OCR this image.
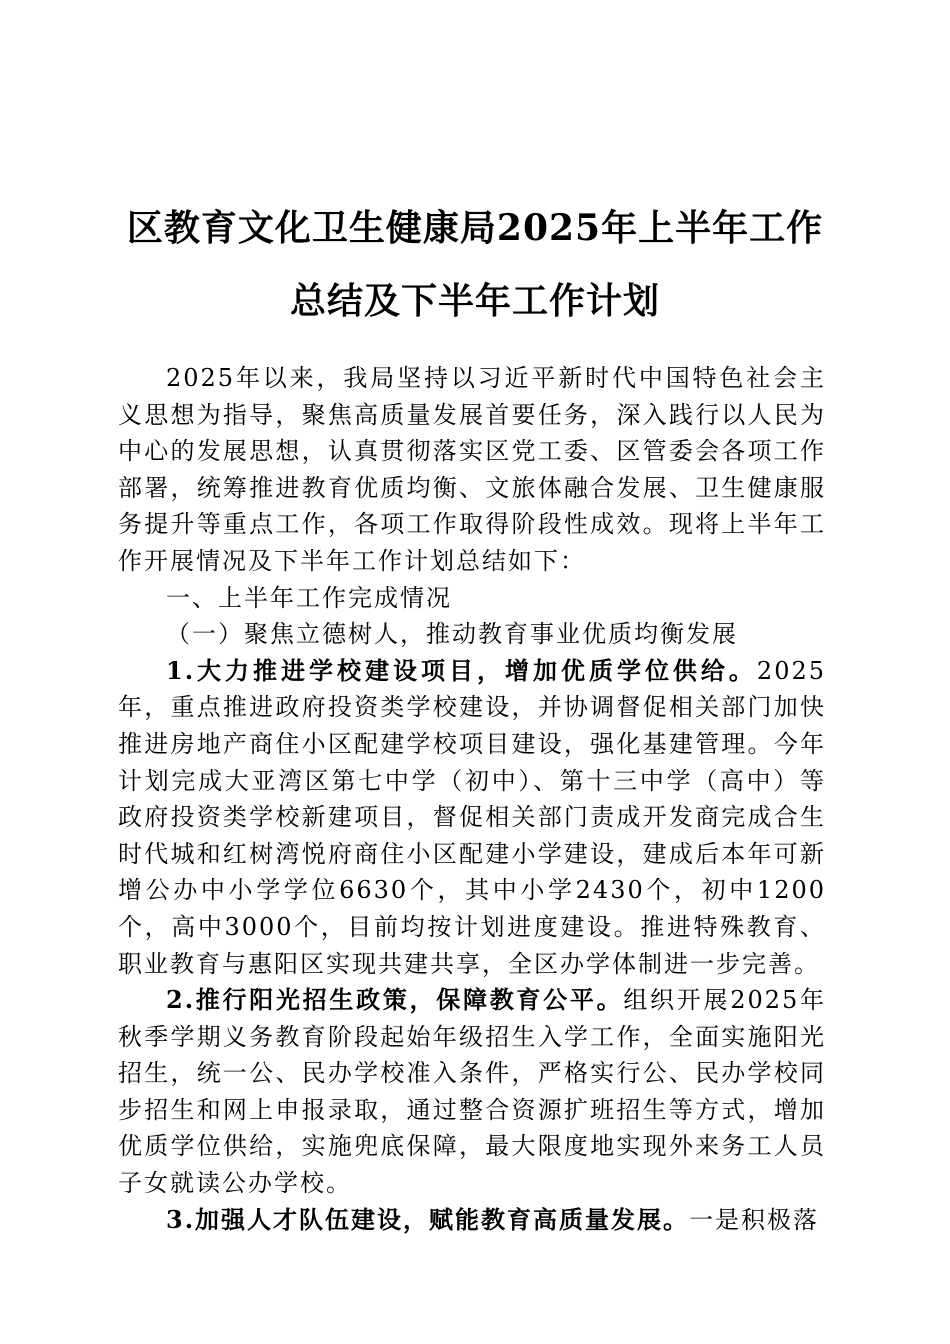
区教育文化卫生健康局2025年上半年工作总结及下半年工作计划

2025年以来，我局坚持以习近平新时代中国特色社会主义思想为指导，聚焦高质量发展首要任务，深入践行以人民为中心的发展思想，认真贯彻落实区党工委、区管委会各项工作部署，统筹推进教育优质均衡、文旅体融合发展、卫生健康服务提升等重点工作，各项工作取得阶段性成效。现将上半年工作开展情况及下半年工作计划总结如下：

一、上半年工作完成情况

（一）聚焦立德树人，推动教育事业优质均衡发展

1.大力推进学校建设项目，增加优质学位供给。2025年，重点推进政府投资类学校建设，并协调督促相关部门加快推进房地产商住小区配建学校项目建设，强化基建管理。今年计划完成大亚湾区第七中学（初中）、第十三中学（高中）等政府投资类学校新建项目，督促相关部门责成开发商完成合生时代城和红树湾悦府商住小区配建小学建设，建成后本年可新增公办中小学学位6630个，其中小学2430个，初中1200个，高中3000个，目前均按计划进度建设。推进特殊教育、职业教育与惠阳区实现共建共享，全区办学体制进一步完善。

2.推行阳光招生政策，保障教育公平。组织开展2025年秋季学期义务教育阶段起始年级招生入学工作，全面实施阳光招生，统一公、民办学校准入条件，严格实行公、民办学校同步招生和网上申报录取，通过整合资源扩班招生等方式，增加优质学位供给，实施兜底保障，最大限度地实现外来务工人员子女就读公办学校。

3.加强人才队伍建设，赋能教育高质量发展。一是积极落
